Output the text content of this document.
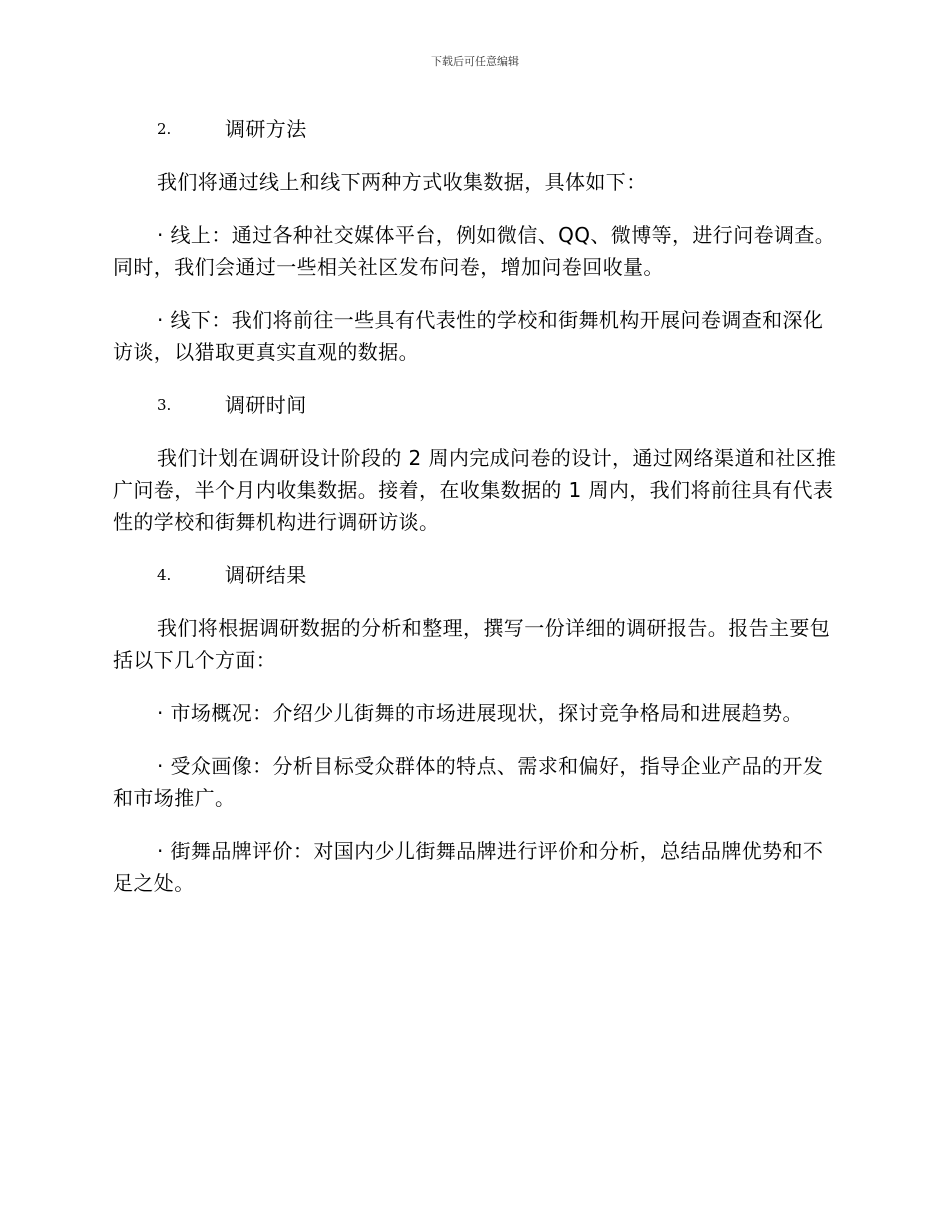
下载后可任意编辑
2.	调研方法

我们将通过线上和线下两种方式收集数据，具体如下：

· 线上：通过各种社交媒体平台，例如微信、QQ、微博等，进行问卷调查。同时，我们会通过一些相关社区发布问卷，增加问卷回收量。

· 线下：我们将前往一些具有代表性的学校和街舞机构开展问卷调查和深化访谈，以猎取更真实直观的数据。

3.	调研时间

我们计划在调研设计阶段的 2 周内完成问卷的设计，通过网络渠道和社区推广问卷，半个月内收集数据。接着，在收集数据的 1 周内，我们将前往具有代表性的学校和街舞机构进行调研访谈。

4.	调研结果

我们将根据调研数据的分析和整理，撰写一份详细的调研报告。报告主要包括以下几个方面：

· 市场概况：介绍少儿街舞的市场进展现状，探讨竞争格局和进展趋势。

· 受众画像：分析目标受众群体的特点、需求和偏好，指导企业产品的开发和市场推广。

· 街舞品牌评价：对国内少儿街舞品牌进行评价和分析，总结品牌优势和不足之处。
